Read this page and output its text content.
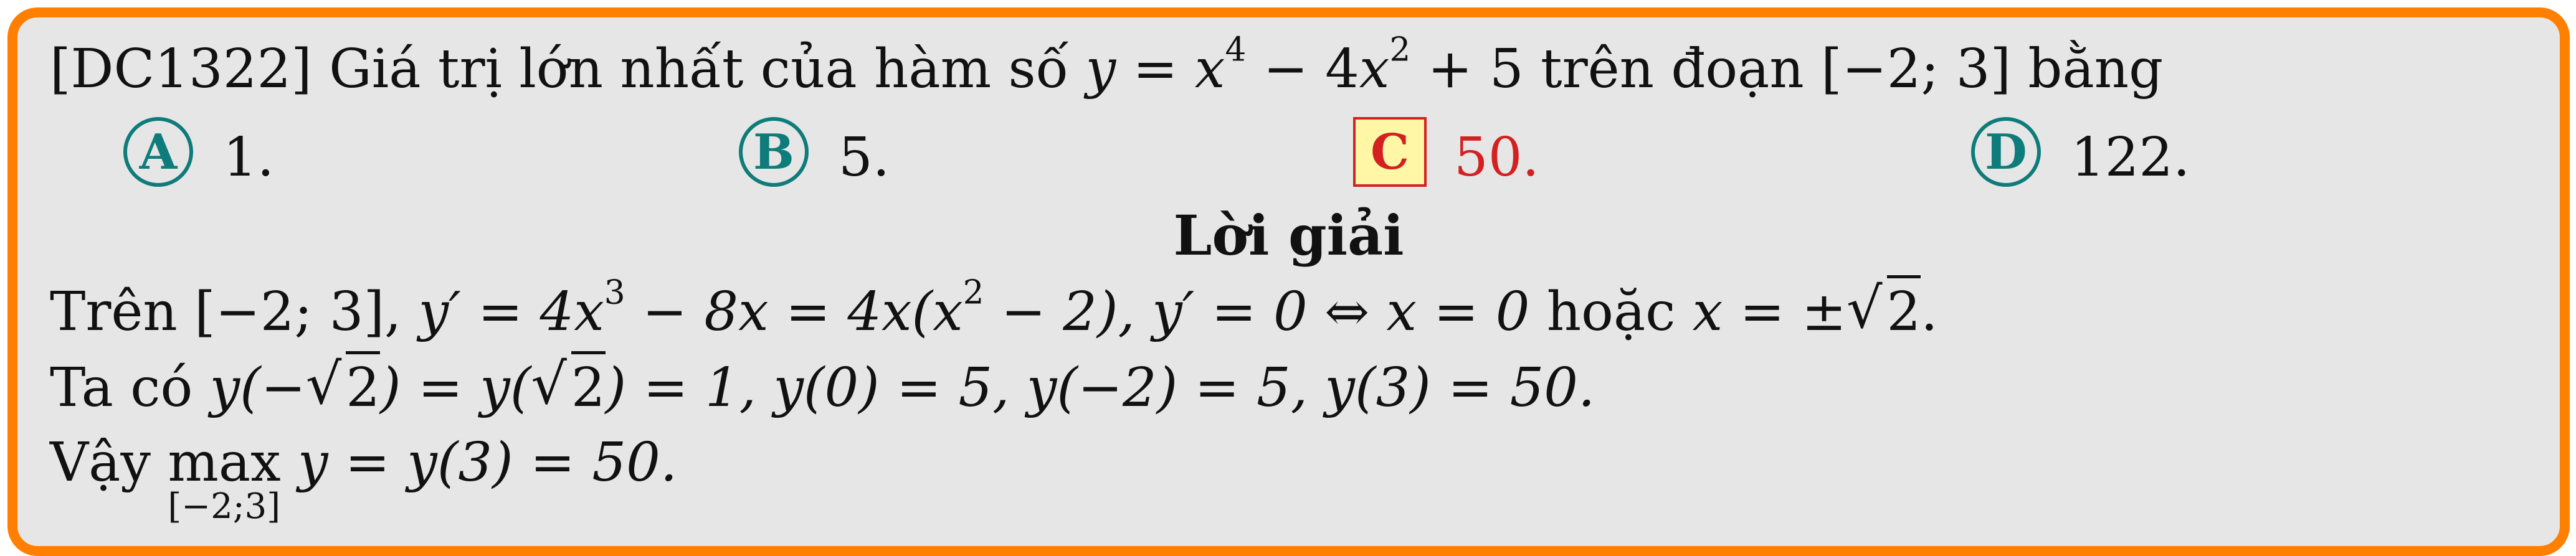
[DC1322] Giá trị lớn nhất của hàm số $y = x^4 - 4x^2 + 5$ trên đoạn [−2; 3] bằng
A 1.	B 5.	C 50.	D 122.
Lời giải
Trên [−2; 3], $y' = 4x^3 - 8x = 4x(x^2 - 2)$, y′ = 0 ⇔ x = 0 hoặc x = ± √ 2.
Ta có y(− √ 2) = y( √ 2) = 1, y(0) = 5, y(−2) = 5, y(3) = 50.
Vậy max
[−2;3]
y = y(3) = 50.
